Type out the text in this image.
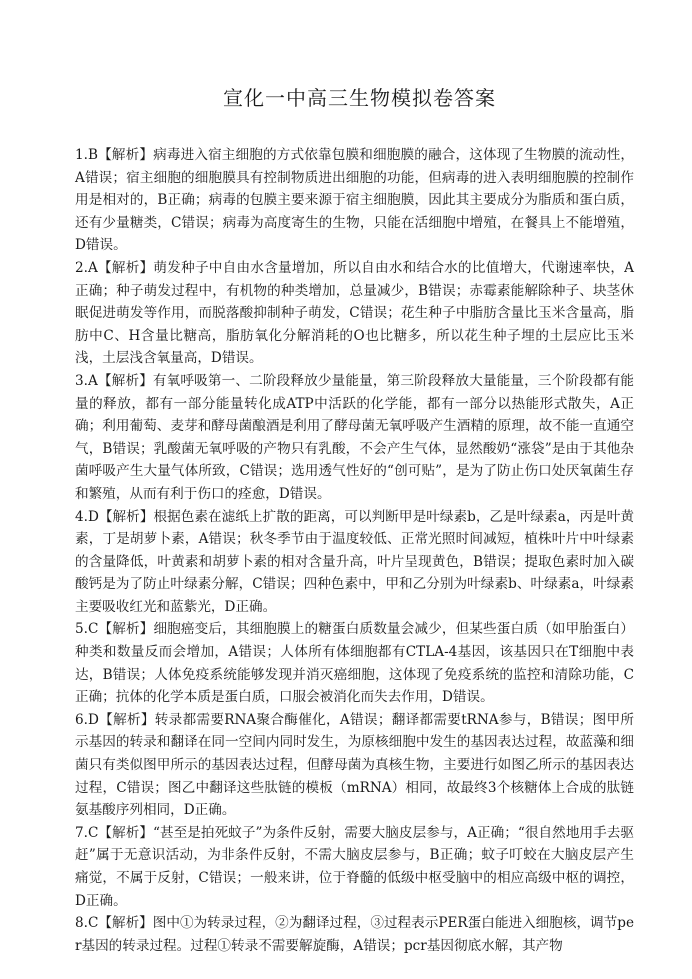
宣化一中高三生物模拟卷答案

1.B【解析】病毒进入宿主细胞的方式依靠包膜和细胞膜的融合，这体现了生物膜的流动性，A错误；宿主细胞的细胞膜具有控制物质进出细胞的功能，但病毒的进入表明细胞膜的控制作用是相对的，B正确；病毒的包膜主要来源于宿主细胞膜，因此其主要成分为脂质和蛋白质，还有少量糖类，C错误；病毒为高度寄生的生物，只能在活细胞中增殖，在餐具上不能增殖，D错误。

2.A【解析】萌发种子中自由水含量增加，所以自由水和结合水的比值增大，代谢速率快，A正确；种子萌发过程中，有机物的种类增加，总量减少，B错误；赤霉素能解除种子、块茎休眠促进萌发等作用，而脱落酸抑制种子萌发，C错误；花生种子中脂肪含量比玉米含量高，脂肪中C、H含量比糖高，脂肪氧化分解消耗的O也比糖多，所以花生种子埋的土层应比玉米浅，土层浅含氧量高，D错误。

3.A【解析】有氧呼吸第一、二阶段释放少量能量，第三阶段释放大量能量，三个阶段都有能量的释放，都有一部分能量转化成ATP中活跃的化学能，都有一部分以热能形式散失，A正确；利用葡萄、麦芽和酵母菌酿酒是利用了酵母菌无氧呼吸产生酒精的原理，故不能一直通空气，B错误；乳酸菌无氧呼吸的产物只有乳酸，不会产生气体，显然酸奶“涨袋”是由于其他杂菌呼吸产生大量气体所致，C错误；选用透气性好的“创可贴”，是为了防止伤口处厌氧菌生存和繁殖，从而有利于伤口的痊愈，D错误。

4.D【解析】根据色素在滤纸上扩散的距离，可以判断甲是叶绿素b，乙是叶绿素a，丙是叶黄素，丁是胡萝卜素，A错误；秋冬季节由于温度较低、正常光照时间减短，植株叶片中叶绿素的含量降低，叶黄素和胡萝卜素的相对含量升高，叶片呈现黄色，B错误；提取色素时加入碳酸钙是为了防止叶绿素分解，C错误；四种色素中，甲和乙分别为叶绿素b、叶绿素a，叶绿素主要吸收红光和蓝紫光，D正确。

5.C【解析】细胞癌变后，其细胞膜上的糖蛋白质数量会减少，但某些蛋白质（如甲胎蛋白）种类和数量反而会增加，A错误；人体所有体细胞都有CTLA-4基因，该基因只在T细胞中表达，B错误；人体免疫系统能够发现并消灭癌细胞，这体现了免疫系统的监控和清除功能，C正确；抗体的化学本质是蛋白质，口服会被消化而失去作用，D错误。

6.D【解析】转录都需要RNA聚合酶催化，A错误；翻译都需要tRNA参与，B错误；图甲所示基因的转录和翻译在同一空间内同时发生，为原核细胞中发生的基因表达过程，故蓝藻和细菌只有类似图甲所示的基因表达过程，但酵母菌为真核生物，主要进行如图乙所示的基因表达过程，C错误；图乙中翻译这些肽链的模板（mRNA）相同，故最终3个核糖体上合成的肽链氨基酸序列相同，D正确。

7.C【解析】“甚至是拍死蚊子”为条件反射，需要大脑皮层参与，A正确；“很自然地用手去驱赶”属于无意识活动，为非条件反射，不需大脑皮层参与，B正确；蚊子叮蛟在大脑皮层产生痛觉，不属于反射，C错误；一般来讲，位于脊髓的低级中枢受脑中的相应高级中枢的调控，D正确。

8.C【解析】图中①为转录过程，②为翻译过程，③过程表示PER蛋白能进入细胞核，调节per基因的转录过程。过程①转录不需要解旋酶，A错误；pcr基因彻底水解，其产物
